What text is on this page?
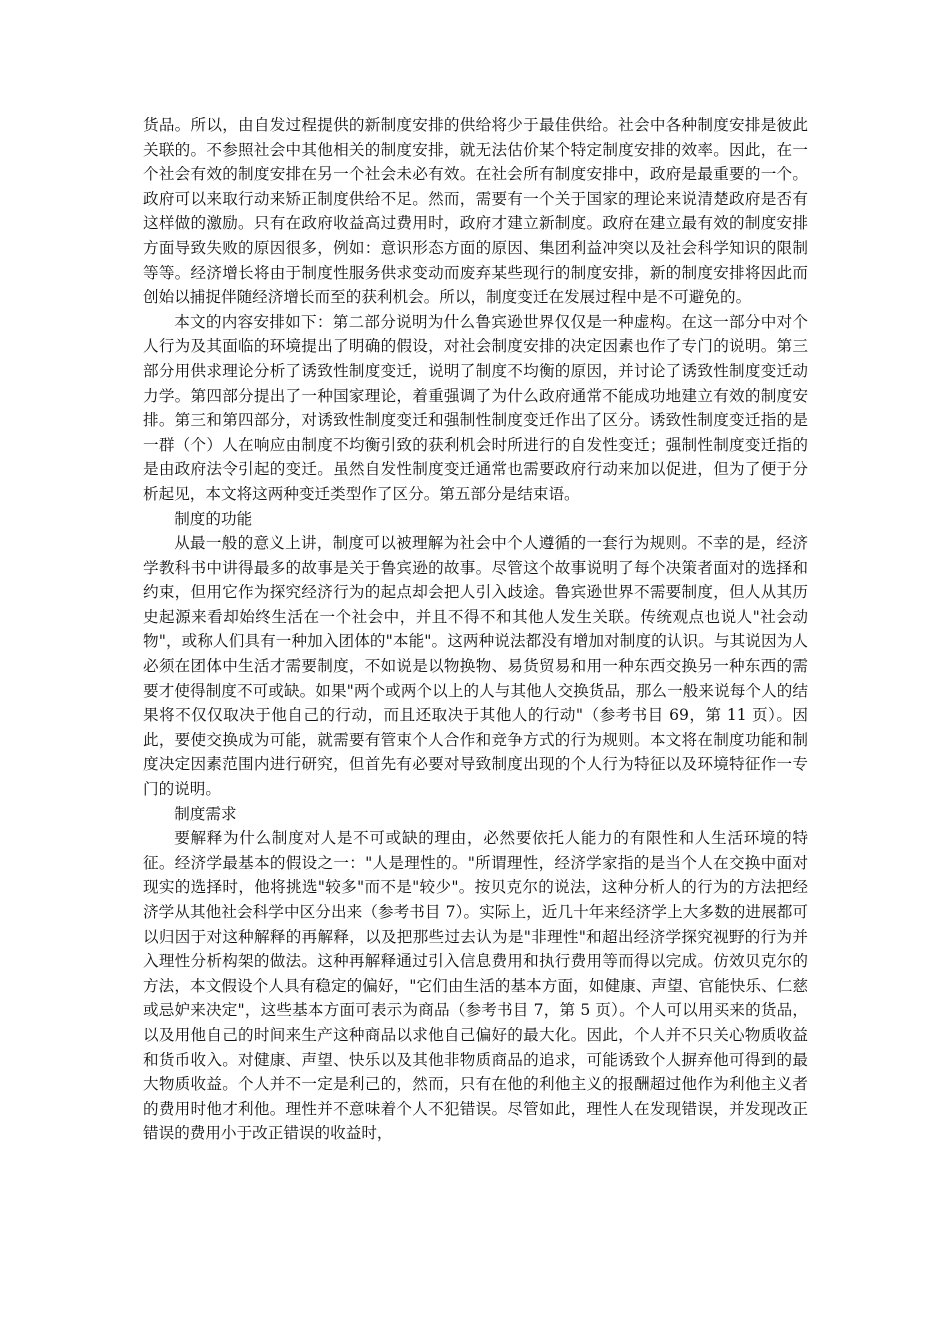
货品。所以，由自发过程提供的新制度安排的供给将少于最佳供给。社会中各种制度安排是彼此关联的。不参照社会中其他相关的制度安排，就无法估价某个特定制度安排的效率。因此，在一个社会有效的制度安排在另一个社会未必有效。在社会所有制度安排中，政府是最重要的一个。政府可以来取行动来矫正制度供给不足。然而，需要有一个关于国家的理论来说清楚政府是否有这样做的激励。只有在政府收益高过费用时，政府才建立新制度。政府在建立最有效的制度安排方面导致失败的原因很多，例如：意识形态方面的原因、集团利益冲突以及社会科学知识的限制等等。经济增长将由于制度性服务供求变动而废弃某些现行的制度安排，新的制度安排将因此而创始以捕捉伴随经济增长而至的获利机会。所以，制度变迁在发展过程中是不可避免的。

本文的内容安排如下：第二部分说明为什么鲁宾逊世界仅仅是一种虚构。在这一部分中对个人行为及其面临的环境提出了明确的假设，对社会制度安排的决定因素也作了专门的说明。第三部分用供求理论分析了诱致性制度变迁，说明了制度不均衡的原因，并讨论了诱致性制度变迁动力学。第四部分提出了一种国家理论，着重强调了为什么政府通常不能成功地建立有效的制度安排。第三和第四部分，对诱致性制度变迁和强制性制度变迁作出了区分。诱致性制度变迁指的是一群（个）人在响应由制度不均衡引致的获利机会时所进行的自发性变迁；强制性制度变迁指的是由政府法令引起的变迁。虽然自发性制度变迁通常也需要政府行动来加以促进，但为了便于分析起见，本文将这两种变迁类型作了区分。第五部分是结束语。

制度的功能

从最一般的意义上讲，制度可以被理解为社会中个人遵循的一套行为规则。不幸的是，经济学教科书中讲得最多的故事是关于鲁宾逊的故事。尽管这个故事说明了每个决策者面对的选择和约束，但用它作为探究经济行为的起点却会把人引入歧途。鲁宾逊世界不需要制度，但人从其历史起源来看却始终生活在一个社会中，并且不得不和其他人发生关联。传统观点也说人"社会动物"，或称人们具有一种加入团体的"本能"。这两种说法都没有增加对制度的认识。与其说因为人必须在团体中生活才需要制度，不如说是以物换物、易货贸易和用一种东西交换另一种东西的需要才使得制度不可或缺。如果"两个或两个以上的人与其他人交换货品，那么一般来说每个人的结果将不仅仅取决于他自己的行动，而且还取决于其他人的行动"（参考书目 69，第 11 页）。因此，要使交换成为可能，就需要有管束个人合作和竞争方式的行为规则。本文将在制度功能和制度决定因素范围内进行研究，但首先有必要对导致制度出现的个人行为特征以及环境特征作一专门的说明。

制度需求

要解释为什么制度对人是不可或缺的理由，必然要依托人能力的有限性和人生活环境的特征。经济学最基本的假设之一："人是理性的。"所谓理性，经济学家指的是当个人在交换中面对现实的选择时，他将挑选"较多"而不是"较少"。按贝克尔的说法，这种分析人的行为的方法把经济学从其他社会科学中区分出来（参考书目 7）。实际上，近几十年来经济学上大多数的进展都可以归因于对这种解释的再解释，以及把那些过去认为是"非理性"和超出经济学探究视野的行为并入理性分析构架的做法。这种再解释通过引入信息费用和执行费用等而得以完成。仿效贝克尔的方法，本文假设个人具有稳定的偏好，"它们由生活的基本方面，如健康、声望、官能快乐、仁慈或忌妒来决定"，这些基本方面可表示为商品（参考书目 7，第 5 页）。个人可以用买来的货品，以及用他自己的时间来生产这种商品以求他自己偏好的最大化。因此，个人并不只关心物质收益和货币收入。对健康、声望、快乐以及其他非物质商品的追求，可能诱致个人摒弃他可得到的最大物质收益。个人并不一定是利己的，然而，只有在他的利他主义的报酬超过他作为利他主义者的费用时他才利他。理性并不意味着个人不犯错误。尽管如此，理性人在发现错误，并发现改正错误的费用小于改正错误的收益时，
